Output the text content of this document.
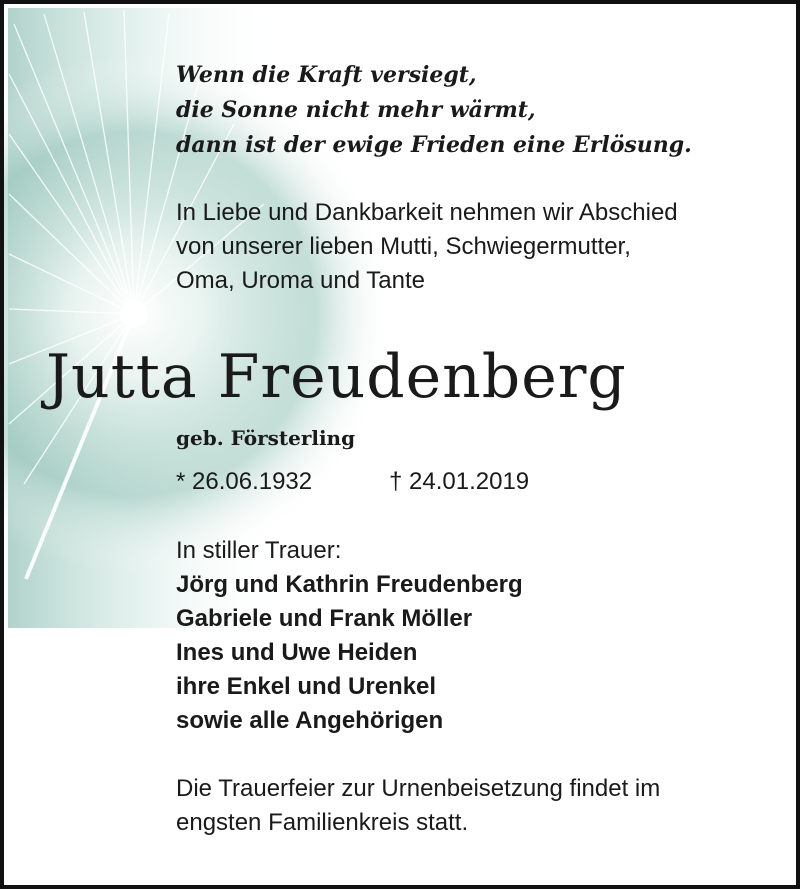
Wenn die Kraft versiegt,
die Sonne nicht mehr wärmt,
dann ist der ewige Frieden eine Erlösung.
In Liebe und Dankbarkeit nehmen wir Abschied
von unserer lieben Mutti, Schwiegermutter,
Oma, Uroma und Tante
Jutta Freudenberg
geb. Försterling
* 26.06.1932	† 24.01.2019
In stiller Trauer:
Jörg und Kathrin Freudenberg
Gabriele und Frank Möller
Ines und Uwe Heiden
ihre Enkel und Urenkel
sowie alle Angehörigen
Die Trauerfeier zur Urnenbeisetzung findet im
engsten Familienkreis statt.
